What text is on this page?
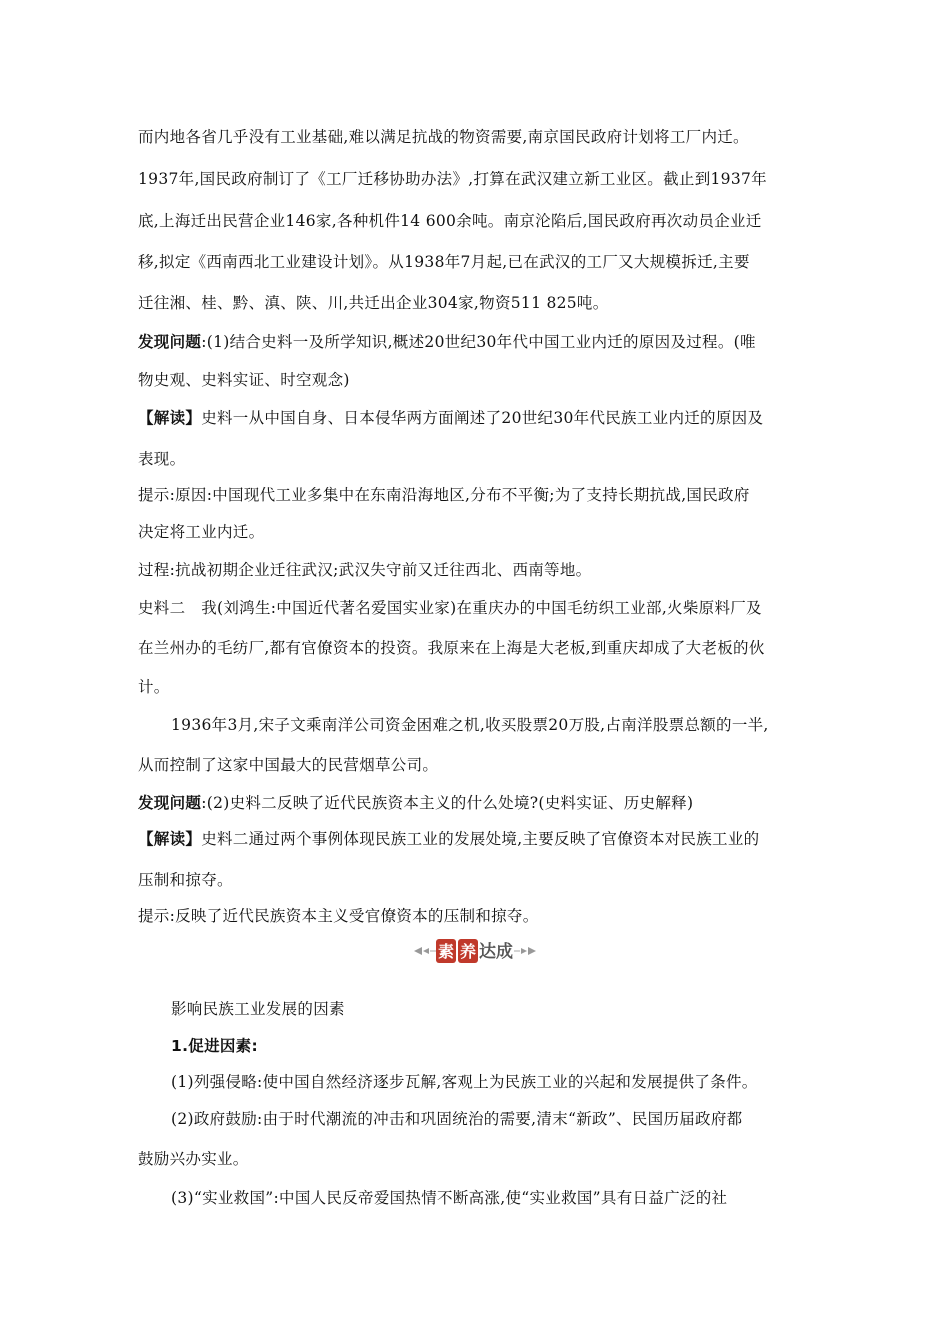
而内地各省几乎没有工业基础,难以满足抗战的物资需要,南京国民政府计划将工厂内迁。
1937年,国民政府制订了《工厂迁移协助办法》,打算在武汉建立新工业区。截止到1937年
底,上海迁出民营企业146家,各种机件14 600余吨。南京沦陷后,国民政府再次动员企业迁
移,拟定《西南西北工业建设计划》。从1938年7月起,已在武汉的工厂又大规模拆迁,主要
迁往湘、桂、黔、滇、陕、川,共迁出企业304家,物资511 825吨。
发现问题:(1)结合史料一及所学知识,概述20世纪30年代中国工业内迁的原因及过程。(唯
物史观、史料实证、时空观念)
【解读】史料一从中国自身、日本侵华两方面阐述了20世纪30年代民族工业内迁的原因及
表现。
提示:原因:中国现代工业多集中在东南沿海地区,分布不平衡;为了支持长期抗战,国民政府
决定将工业内迁。
过程:抗战初期企业迁往武汉;武汉失守前又迁往西北、西南等地。
史料二　我(刘鸿生:中国近代著名爱国实业家)在重庆办的中国毛纺织工业部,火柴原料厂及
在兰州办的毛纺厂,都有官僚资本的投资。我原来在上海是大老板,到重庆却成了大老板的伙
计。
1936年3月,宋子文乘南洋公司资金困难之机,收买股票20万股,占南洋股票总额的一半,
从而控制了这家中国最大的民营烟草公司。
发现问题:(2)史料二反映了近代民族资本主义的什么处境?(史料实证、历史解释)
【解读】史料二通过两个事例体现民族工业的发展处境,主要反映了官僚资本对民族工业的
压制和掠夺。
提示:反映了近代民族资本主义受官僚资本的压制和掠夺。
素 养 达成
影响民族工业发展的因素
1.促进因素:
(1)列强侵略:使中国自然经济逐步瓦解,客观上为民族工业的兴起和发展提供了条件。
(2)政府鼓励:由于时代潮流的冲击和巩固统治的需要,清末“新政”、民国历届政府都
鼓励兴办实业。
(3)“实业救国”:中国人民反帝爱国热情不断高涨,使“实业救国”具有日益广泛的社
